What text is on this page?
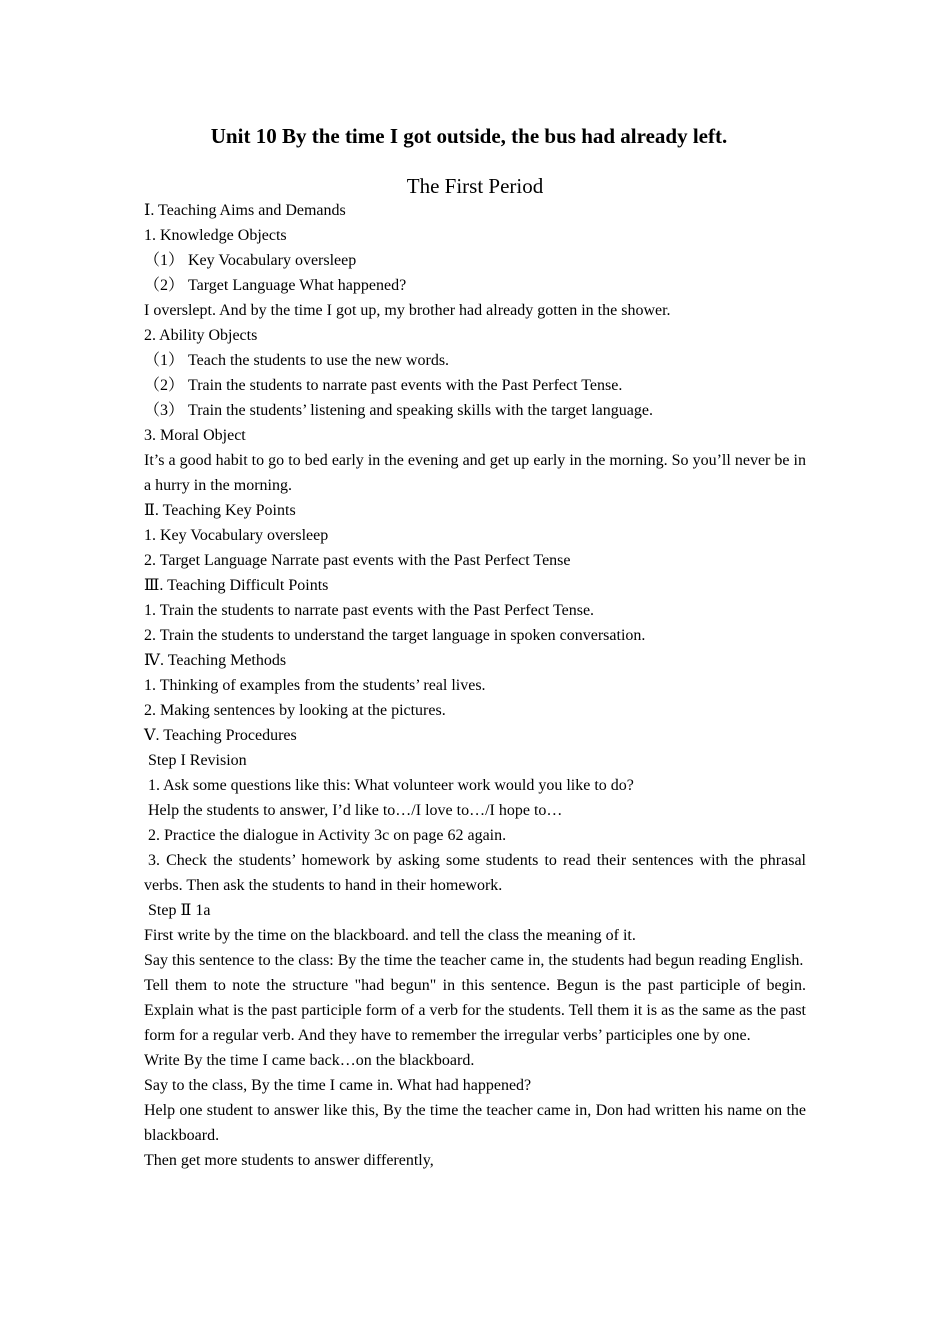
Unit 10 By the time I got outside, the bus had already left.
The First Period
Ⅰ. Teaching Aims and Demands
1. Knowledge Objects
（1） Key Vocabulary oversleep
（2） Target Language What happened?
I overslept. And by the time I got up, my brother had already gotten in the shower.
2. Ability Objects
（1） Teach the students to use the new words.
（2） Train the students to narrate past events with the Past Perfect Tense.
（3） Train the students’ listening and speaking skills with the target language.
3. Moral Object
It’s a good habit to go to bed early in the evening and get up early in the morning. So you’ll never be in a hurry in the morning.
Ⅱ. Teaching Key Points
1. Key Vocabulary oversleep
2. Target Language Narrate past events with the Past Perfect Tense
Ⅲ. Teaching Difficult Points
1. Train the students to narrate past events with the Past Perfect Tense.
2. Train the students to understand the target language in spoken conversation.
Ⅳ. Teaching Methods
1. Thinking of examples from the students’ real lives.
2. Making sentences by looking at the pictures.
Ⅴ. Teaching Procedures
Step I Revision
1. Ask some questions like this: What volunteer work would you like to do?
Help the students to answer, I’d like to…/I love to…/I hope to…
2. Practice the dialogue in Activity 3c on page 62 again.
3. Check the students’ homework by asking some students to read their sentences with the phrasal verbs. Then ask the students to hand in their homework.
Step Ⅱ 1a
First write by the time on the blackboard. and tell the class the meaning of it.
Say this sentence to the class: By the time the teacher came in, the students had begun reading English.
Tell them to note the structure "had begun" in this sentence. Begun is the past participle of begin. Explain what is the past participle form of a verb for the students. Tell them it is as the same as the past form for a regular verb. And they have to remember the irregular verbs’ participles one by one.
Write By the time I came back…on the blackboard.
Say to the class, By the time I came in. What had happened?
Help one student to answer like this, By the time the teacher came in, Don had written his name on the blackboard.
Then get more students to answer differently,
